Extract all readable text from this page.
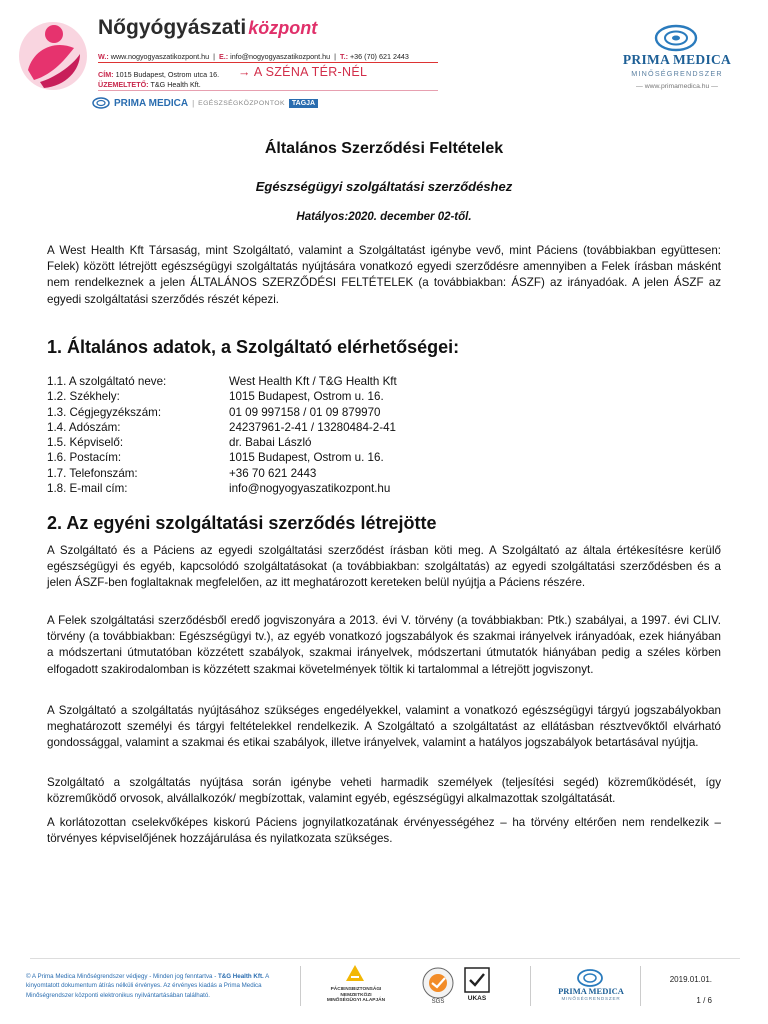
Nőgyógyászati központ
W.: www.nogyogyaszatikozpont.hu  |  E.: info@nogyogyaszatikozpont.hu  |  T.: +36 (70) 621 2443
CÍM: 1015 Budapest, Ostrom utca 16. → A SZÉNA TÉR-NÉL
ÜZEMELTETŐ: T&G Health Kft.
PRIMA MEDICA | EGÉSZSÉGKÖZPONTOK	TAGJA
PRIMA MEDICA
MINŐSÉGRENDSZER
— www.primamedica.hu —
Általános Szerződési Feltételek
Egészségügyi szolgáltatási szerződéshez
Hatályos:2020. december 02-től.
A West Health Kft Társaság, mint Szolgáltató, valamint a Szolgáltatást igénybe vevő, mint Páciens (továbbiakban együttesen: Felek) között létrejött egészségügyi szolgáltatás nyújtására vonatkozó egyedi szerződésre amennyiben a Felek írásban másként nem rendelkeznek a jelen ÁLTALÁNOS SZERZŐDÉSI FELTÉTELEK (a továbbiakban: ÁSZF) az irányadóak. A jelen ÁSZF az egyedi szolgáltatási szerződés részét képezi.
1. Általános adatok, a Szolgáltató elérhetőségei:
1.1. A szolgáltató neve:	West Health Kft / T&G Health Kft
1.2. Székhely:	1015 Budapest, Ostrom u. 16.
1.3. Cégjegyzékszám:	01 09 997158 / 01 09 879970
1.4. Adószám:	24237961-2-41 / 13280484-2-41
1.5. Képviselő:	dr. Babai László
1.6. Postacím:	1015 Budapest, Ostrom u. 16.
1.7. Telefonszám:	+36 70 621 2443
1.8. E-mail cím:	info@nogyogyaszatikozpont.hu
2. Az egyéni szolgáltatási szerződés létrejötte
A Szolgáltató és a Páciens az egyedi szolgáltatási szerződést írásban köti meg. A Szolgáltató az általa értékesítésre kerülő egészségügyi és egyéb, kapcsolódó szolgáltatásokat (a továbbiakban: szolgáltatás) az egyedi szolgáltatási szerződésben és a jelen ÁSZF-ben foglaltaknak megfelelően, az itt meghatározott kereteken belül nyújtja a Páciens részére.
A Felek szolgáltatási szerződésből eredő jogviszonyára a 2013. évi V. törvény (a továbbiakban: Ptk.) szabályai, a 1997. évi CLIV. törvény (a továbbiakban: Egészségügyi tv.), az egyéb vonatkozó jogszabályok és szakmai irányelvek irányadóak, ezek hiányában a módszertani útmutatóban közzétett szabályok, szakmai irányelvek, módszertani útmutatók hiányában pedig a széles körben elfogadott szakirodalomban is közzétett szakmai követelmények töltik ki tartalommal a létrejött jogviszonyt.
A Szolgáltató a szolgáltatás nyújtásához szükséges engedélyekkel, valamint a vonatkozó egészségügyi tárgyú jogszabályokban meghatározott személyi és tárgyi feltételekkel rendelkezik. A Szolgáltató a szolgáltatást az ellátásban résztvevőktől elvárható gondossággal, valamint a szakmai és etikai szabályok, illetve irányelvek, valamint a hatályos jogszabályok betartásával nyújtja.
Szolgáltató a szolgáltatás nyújtása során igénybe veheti harmadik személyek (teljesítési segéd) közreműködését, így közreműködő orvosok, alvállalkozók/ megbízottak, valamint egyéb, egészségügyi alkalmazottak szolgáltatását.
A korlátozottan cselekvőképes kiskorú Páciens jognyilatkozatának érvényességéhez – ha törvény eltérően nem rendelkezik – törvényes képviselőjének hozzájárulása és nyilatkozata szükséges.
© A Prima Medica Minőségrendszer védjegy - Minden jog fenntartva - T&G Health Kft. A kinyomtatott dokumentum átírás nélküli érvényes. Az érvényes kiadás a Prima Medica Minőségrendszer központi elektronikus nyilvántartásában található.
PÁCIENSBIZTONSÁGI NEMZETKÖZI MINŐSÉGÜGYI ALAPJÁN	SGS	UKAS
PRIMA MEDICA
MINŐSÉGRENDSZER
2019.01.01.
1 / 6
